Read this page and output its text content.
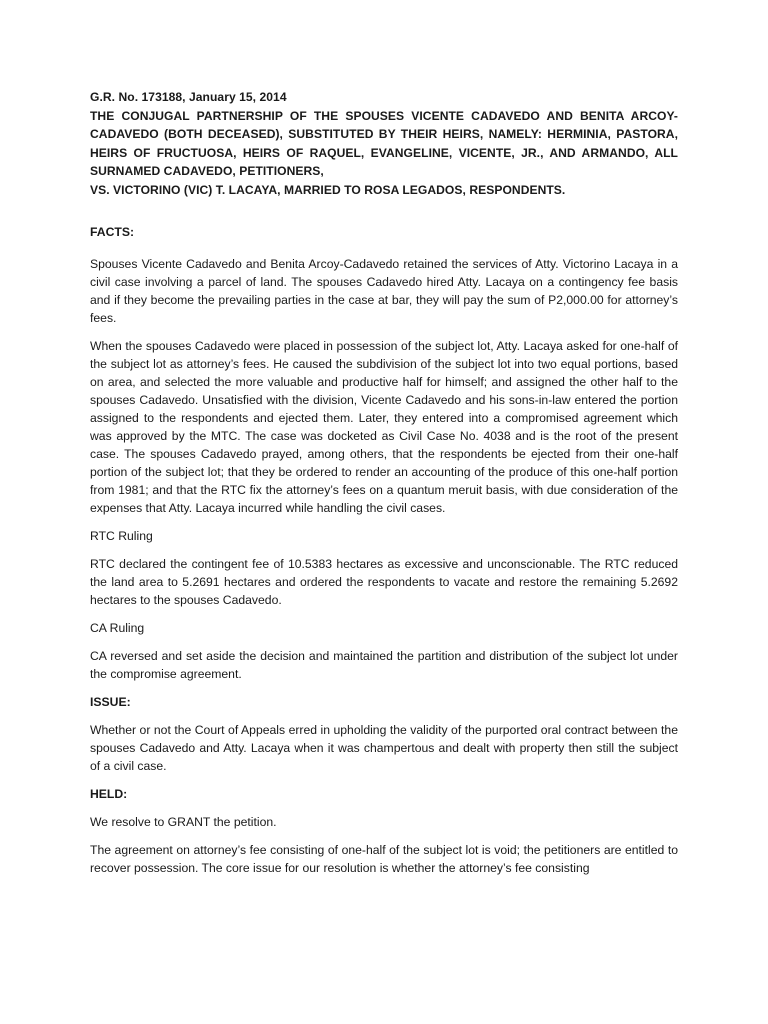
G.R. No. 173188, January 15, 2014
THE CONJUGAL PARTNERSHIP OF THE SPOUSES VICENTE CADAVEDO AND BENITA ARCOY-CADAVEDO (BOTH DECEASED), SUBSTITUTED BY THEIR HEIRS, NAMELY: HERMINIA, PASTORA, HEIRS OF FRUCTUOSA, HEIRS OF RAQUEL, EVANGELINE, VICENTE, JR., AND ARMANDO, ALL SURNAMED CADAVEDO, PETITIONERS,
VS. VICTORINO (VIC) T. LACAYA, MARRIED TO ROSA LEGADOS, RESPONDENTS.
FACTS:

Spouses Vicente Cadavedo and Benita Arcoy-Cadavedo retained the services of Atty. Victorino Lacaya in a civil case involving a parcel of land. The spouses Cadavedo hired Atty. Lacaya on a contingency fee basis and if they become the prevailing parties in the case at bar, they will pay the sum of P2,000.00 for attorney’s fees.

When the spouses Cadavedo were placed in possession of the subject lot, Atty. Lacaya asked for one-half of the subject lot as attorney’s fees. He caused the subdivision of the subject lot into two equal portions, based on area, and selected the more valuable and productive half for himself; and assigned the other half to the spouses Cadavedo. Unsatisfied with the division, Vicente Cadavedo and his sons-in-law entered the portion assigned to the respondents and ejected them. Later, they entered into a compromised agreement which was approved by the MTC. The case was docketed as Civil Case No. 4038 and is the root of the present case. The spouses Cadavedo prayed, among others, that the respondents be ejected from their one-half portion of the subject lot; that they be ordered to render an accounting of the produce of this one-half portion from 1981; and that the RTC fix the attorney’s fees on a quantum meruit basis, with due consideration of the expenses that Atty. Lacaya incurred while handling the civil cases.

RTC Ruling

RTC declared the contingent fee of 10.5383 hectares as excessive and unconscionable. The RTC reduced the land area to 5.2691 hectares and ordered the respondents to vacate and restore the remaining 5.2692 hectares to the spouses Cadavedo.

CA Ruling

CA reversed and set aside the decision and maintained the partition and distribution of the subject lot under the compromise agreement.

ISSUE:

Whether or not the Court of Appeals erred in upholding the validity of the purported oral contract between the spouses Cadavedo and Atty. Lacaya when it was champertous and dealt with property then still the subject of a civil case.

HELD:

We resolve to GRANT the petition.

The agreement on attorney’s fee consisting of one-half of the subject lot is void; the petitioners are entitled to recover possession. The core issue for our resolution is whether the attorney’s fee consisting
